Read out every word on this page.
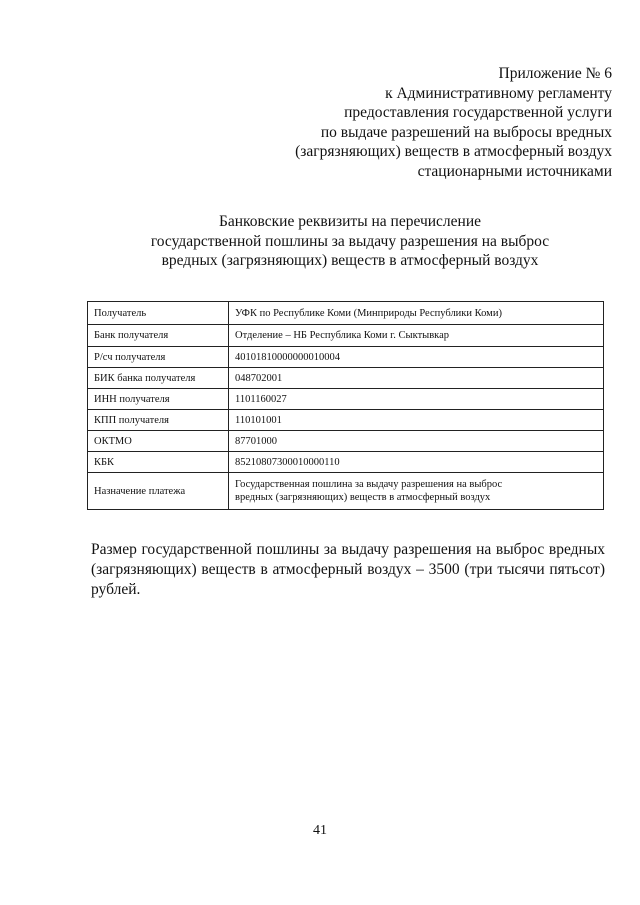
Приложение № 6
к Административному регламенту
предоставления государственной услуги
по выдаче разрешений на выбросы вредных
(загрязняющих) веществ в атмосферный воздух
стационарными источниками
Банковские реквизиты на перечисление
государственной пошлины за выдачу разрешения на выброс
вредных (загрязняющих) веществ в атмосферный воздух
Получатель	УФК по Республике Коми (Минприроды Республики Коми)
Банк получателя	Отделение – НБ Республика Коми г. Сыктывкар
Р/сч получателя	40101810000000010004
БИК банка получателя	048702001
ИНН получателя	1101160027
КПП получателя	110101001
ОКТМО	87701000
КБК	85210807300010000110
Назначение платежа	Государственная пошлина за выдачу разрешения на выброс
вредных (загрязняющих) веществ в атмосферный воздух
Размер государственной пошлины за выдачу разрешения на выброс вредных (загрязняющих) веществ в атмосферный воздух – 3500 (три тысячи пятьсот) рублей.
41
